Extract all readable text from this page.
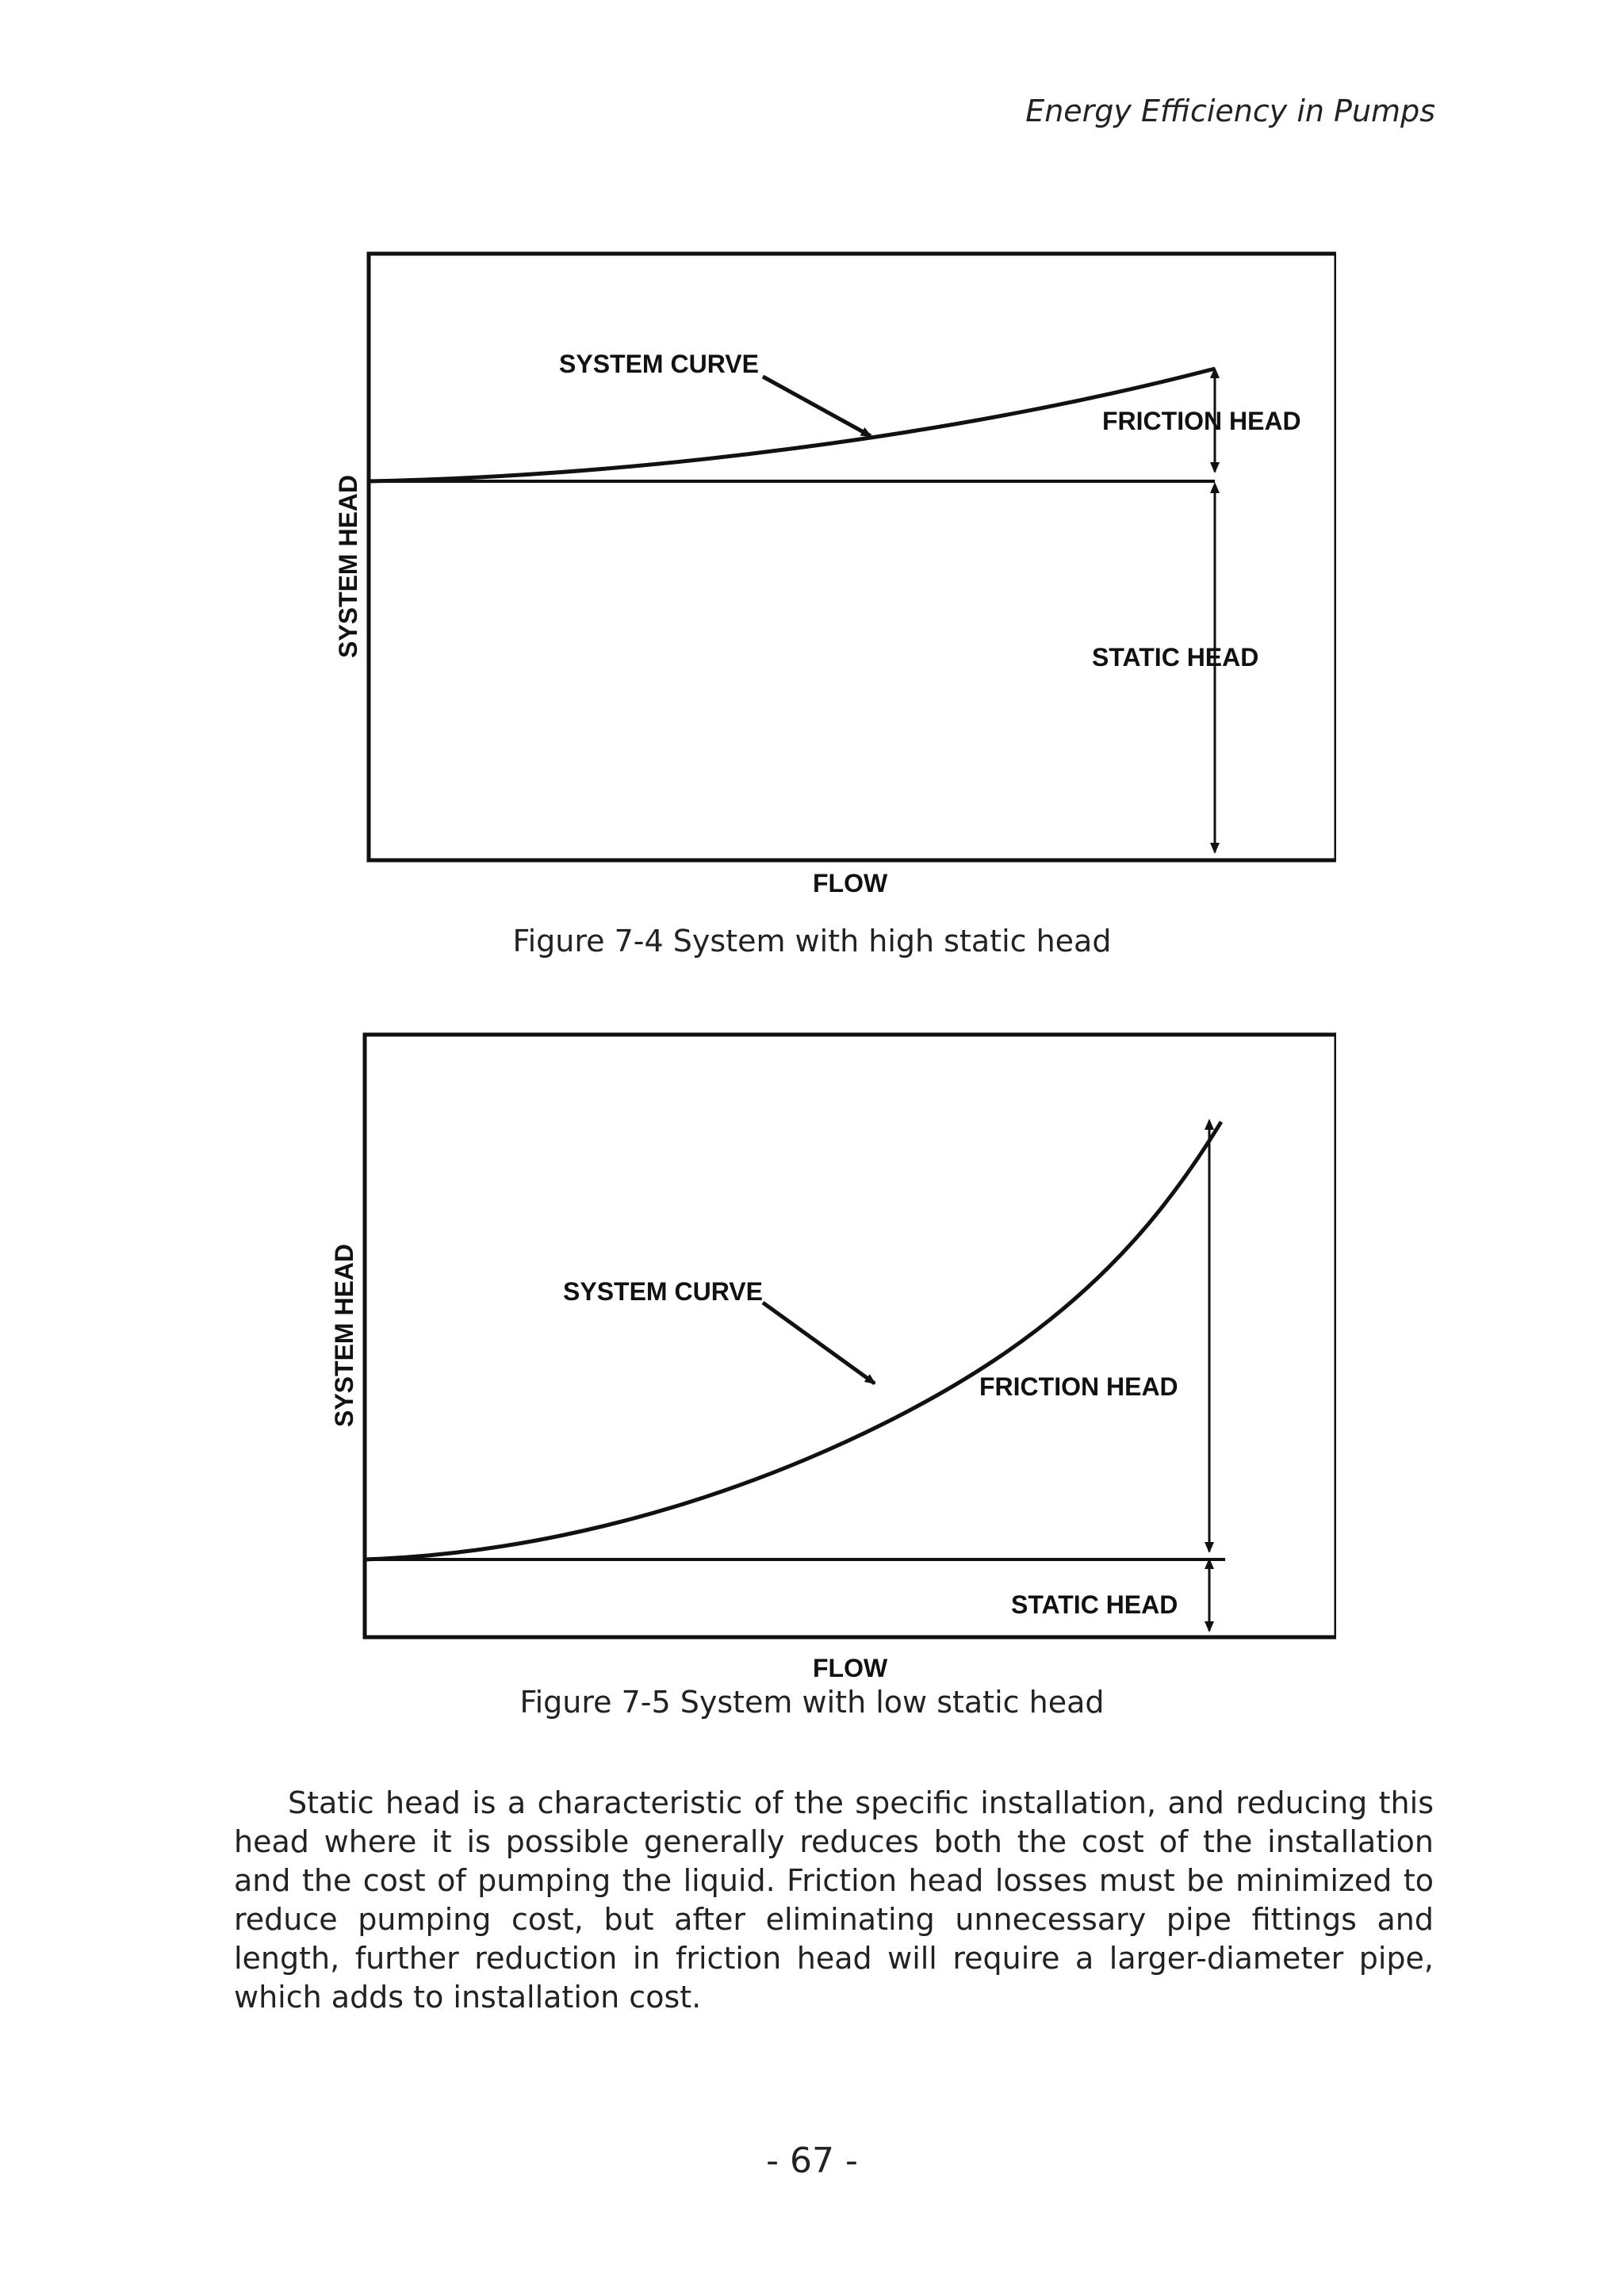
Energy Efficiency in Pumps
SYSTEM CURVE
FRICTION HEAD
STATIC HEAD
SYSTEM HEAD
FLOW
Figure 7-4 System with high static head
SYSTEM CURVE
FRICTION HEAD
STATIC HEAD
SYSTEM HEAD
FLOW
Figure 7-5 System with low static head

Static head is a characteristic of the specific installation, and reducing this head where it is possible generally reduces both the cost of the installation and the cost of pumping the liquid. Friction head losses must be minimized to reduce pumping cost, but after eliminating unnecessary pipe fittings and length, further reduction in friction head will require a larger-diameter pipe, which adds to installation cost.

- 67 -
